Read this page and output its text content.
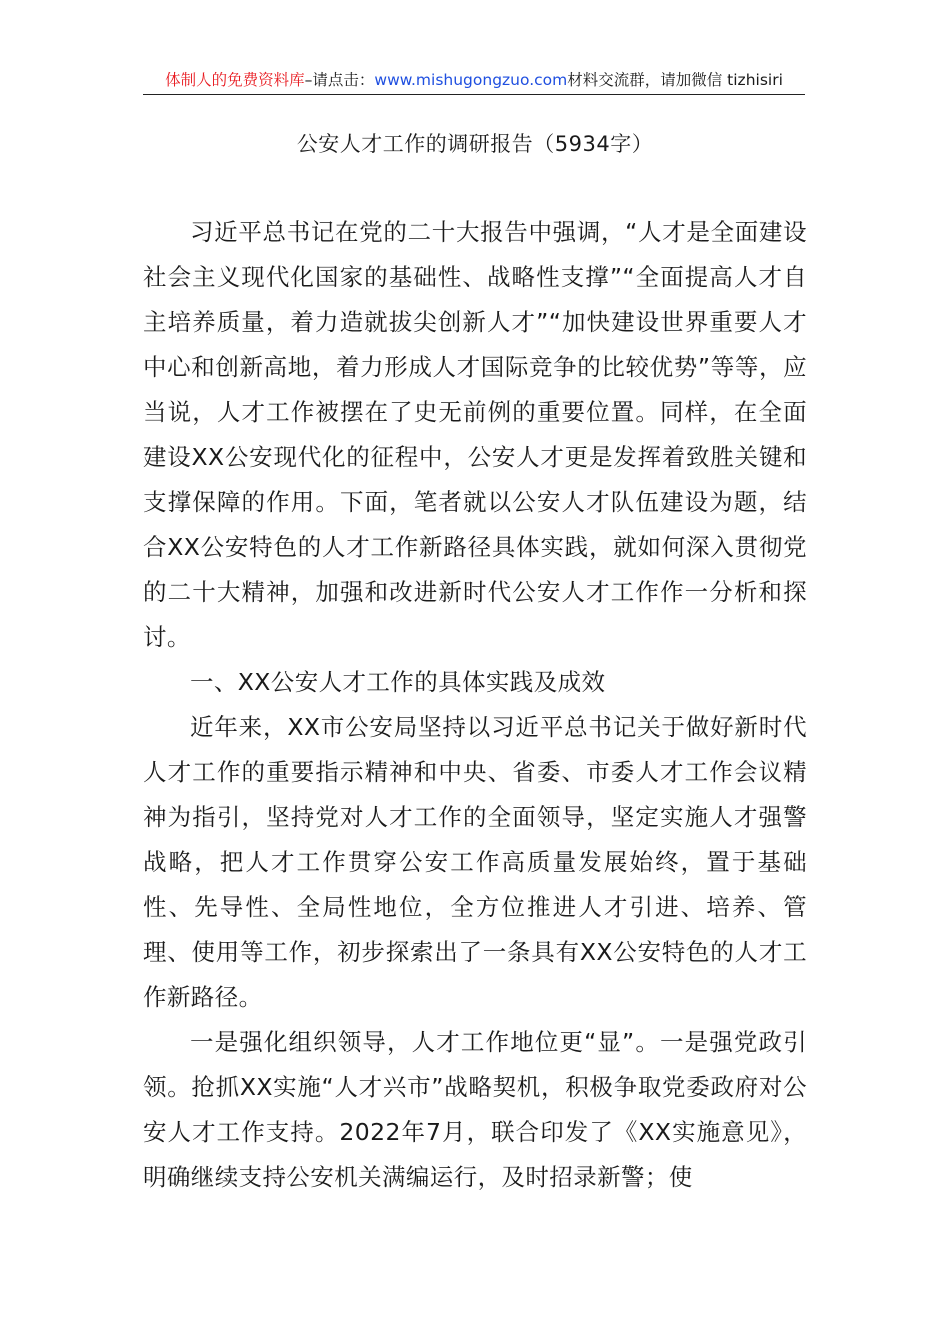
体制人的免费资料库–请点击：www.mishugongzuo.com材料交流群，请加微信 tizhisiri
公安人才工作的调研报告（5934字）

习近平总书记在党的二十大报告中强调，“人才是全面建设社会主义现代化国家的基础性、战略性支撑”“全面提高人才自主培养质量，着力造就拔尖创新人才”“加快建设世界重要人才中心和创新高地，着力形成人才国际竞争的比较优势”等等，应当说，人才工作被摆在了史无前例的重要位置。同样，在全面建设XX公安现代化的征程中，公安人才更是发挥着致胜关键和支撑保障的作用。下面，笔者就以公安人才队伍建设为题，结合XX公安特色的人才工作新路径具体实践，就如何深入贯彻党的二十大精神，加强和改进新时代公安人才工作作一分析和探讨。

一、XX公安人才工作的具体实践及成效

近年来，XX市公安局坚持以习近平总书记关于做好新时代人才工作的重要指示精神和中央、省委、市委人才工作会议精神为指引，坚持党对人才工作的全面领导，坚定实施人才强警战略，把人才工作贯穿公安工作高质量发展始终，置于基础性、先导性、全局性地位，全方位推进人才引进、培养、管理、使用等工作，初步探索出了一条具有XX公安特色的人才工作新路径。

一是强化组织领导，人才工作地位更“显”。一是强党政引领。抢抓XX实施“人才兴市”战略契机，积极争取党委政府对公安人才工作支持。2022年7月，联合印发了《XX实施意见》，明确继续支持公安机关满编运行，及时招录新警；使
